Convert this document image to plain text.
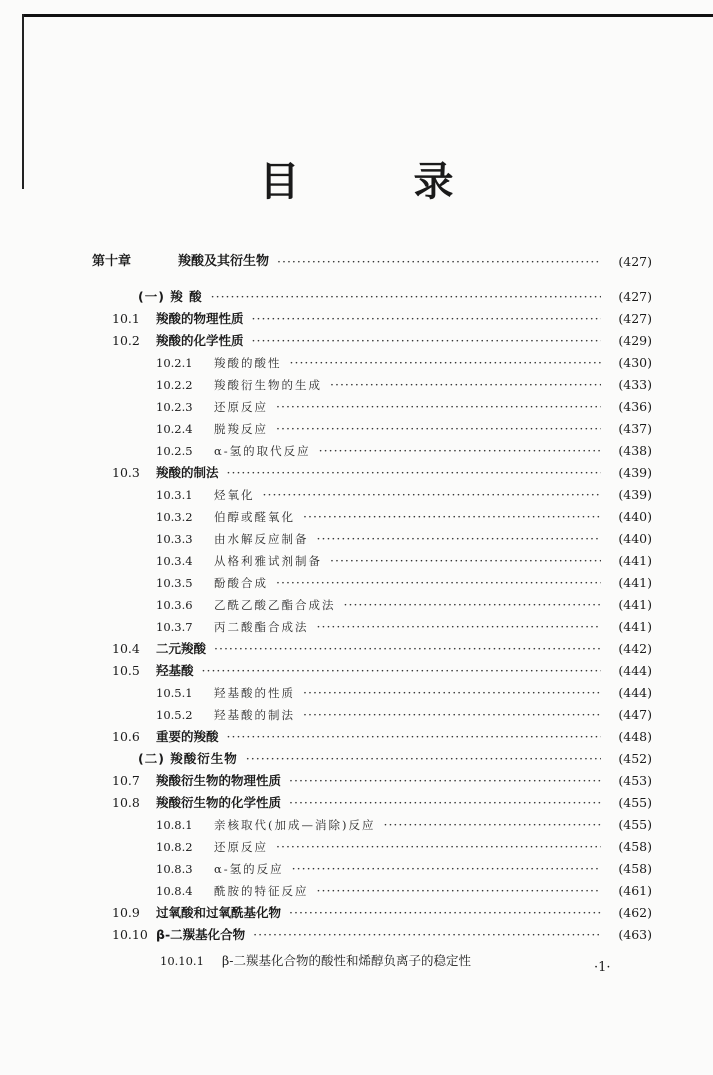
目 录
第十章	羧酸及其衍生物 ·····	(427)
(一) 羧 酸 ·····	(427)
10.1 羧酸的物理性质 ·····	(427)
10.2 羧酸的化学性质 ·····	(429)
10.2.1 羧酸的酸性 ·····	(430)
10.2.2 羧酸衍生物的生成 ·····	(433)
10.2.3 还原反应 ·····	(436)
10.2.4 脱羧反应 ·····	(437)
10.2.5 α-氢的取代反应 ·····	(438)
10.3 羧酸的制法 ·····	(439)
10.3.1 烃氧化 ·····	(439)
10.3.2 伯醇或醛氧化 ·····	(440)
10.3.3 由水解反应制备 ·····	(440)
10.3.4 从格利雅试剂制备 ·····	(441)
10.3.5 酚酸合成 ·····	(441)
10.3.6 乙酰乙酸乙酯合成法 ·····	(441)
10.3.7 丙二酸酯合成法 ·····	(441)
10.4 二元羧酸 ·····	(442)
10.5 羟基酸 ·····	(444)
10.5.1 羟基酸的性质 ·····	(444)
10.5.2 羟基酸的制法 ·····	(447)
10.6 重要的羧酸 ·····	(448)
(二) 羧酸衍生物 ·····	(452)
10.7 羧酸衍生物的物理性质 ·····	(453)
10.8 羧酸衍生物的化学性质 ·····	(455)
10.8.1 亲核取代(加成—消除)反应 ·····	(455)
10.8.2 还原反应 ·····	(458)
10.8.3 α-氢的反应 ·····	(458)
10.8.4 酰胺的特征反应 ·····	(461)
10.9 过氧酸和过氧酰基化物 ·····	(462)
10.10 β-二羰基化合物 ·····	(463)
10.10.1 β-二羰基化合物的酸性和烯醇负离子的稳定性	·1·
